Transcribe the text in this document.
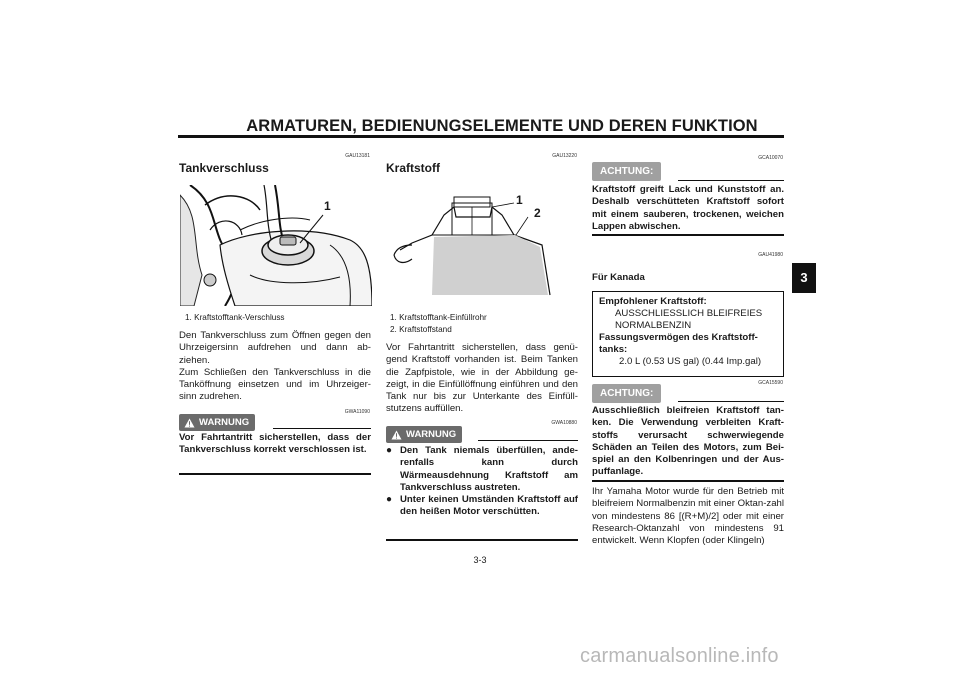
ARMATUREN, BEDIENUNGSELEMENTE UND DEREN FUNKTION
3
GAU13181
Tankverschluss
1
1. Kraftstofftank-Verschluss
Den Tankverschluss zum Öffnen gegen den Uhrzeigersinn aufdrehen und dann ab-ziehen.
Zum Schließen den Tankverschluss in die Tanköffnung einsetzen und im Uhrzeiger-sinn zudrehen.
WARNUNG
GWA11090
Vor Fahrtantritt sicherstellen, dass der Tankverschluss korrekt verschlossen ist.
GAU13220
Kraftstoff
1
2
1. Kraftstofftank-Einfüllrohr
2. Kraftstoffstand
Vor Fahrtantritt sicherstellen, dass genü-gend Kraftstoff vorhanden ist. Beim Tanken die Zapfpistole, wie in der Abbildung ge-zeigt, in die Einfüllöffnung einführen und den Tank nur bis zur Unterkante des Einfüll-stutzens auffüllen.
WARNUNG
GWA10880
● Den Tank niemals überfüllen, ande-renfalls kann durch Wärmeausdehnung Kraftstoff am Tankverschluss austreten.
● Unter keinen Umständen Kraftstoff auf den heißen Motor verschütten.
GCA10070
ACHTUNG:
Kraftstoff greift Lack und Kunststoff an. Deshalb verschütteten Kraftstoff sofort mit einem sauberen, trockenen, weichen Lappen abwischen.
GAU41980
Für Kanada
Empfohlener Kraftstoff:
AUSSCHLIESSLICH BLEIFREIES
NORMALBENZIN
Fassungsvermögen des Kraftstoff-
tanks:
2.0 L (0.53 US gal) (0.44 Imp.gal)
GCA15590
ACHTUNG:
Ausschließlich bleifreien Kraftstoff tan-ken. Die Verwendung verbleiten Kraft-stoffs verursacht schwerwiegende Schäden an Teilen des Motors, zum Bei-spiel an den Kolbenringen und der Aus-puffanlage.
Ihr Yamaha Motor wurde für den Betrieb mit bleifreiem Normalbenzin mit einer Oktan-zahl von mindestens 86 [(R+M)/2] oder mit einer Research-Oktanzahl von mindestens 91 entwickelt. Wenn Klopfen (oder Klingeln)
3-3
carmanualsonline.info
